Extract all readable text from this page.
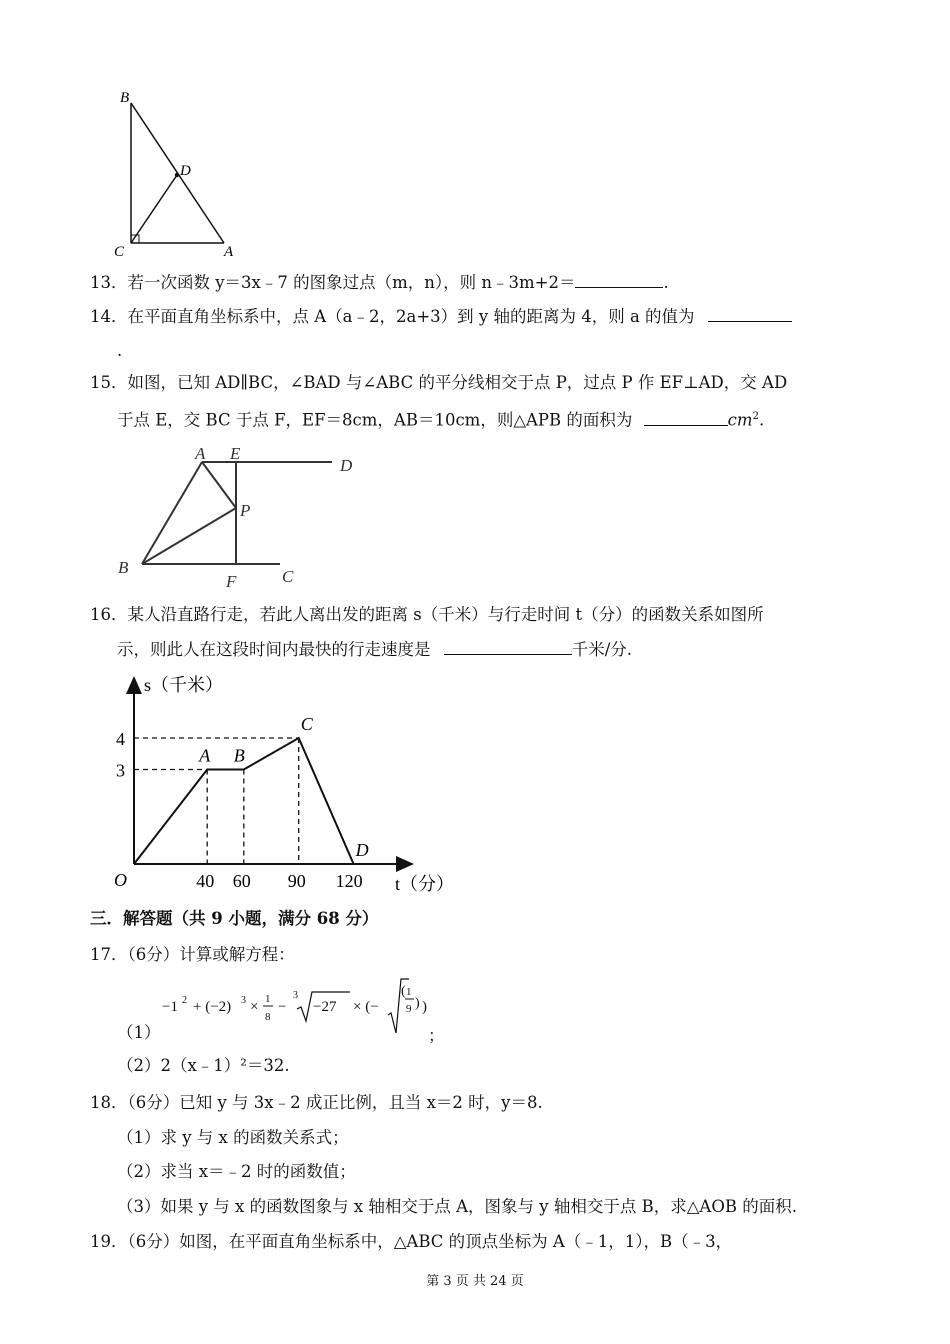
B
D
C	A
13．若一次函数 y＝3x﹣7 的图象过点（m，n），则 n﹣3m+2＝	.
14．在平面直角坐标系中，点 A（a﹣2，2a+3）到 y 轴的距离为 4，则 a 的值为
.
15．如图，已知 AD∥BC，∠BAD 与∠ABC 的平分线相交于点 P，过点 P 作 EF⊥AD，交 AD
于点 E，交 BC 于点 F，EF＝8cm，AB＝10cm，则△APB 的面积为	$cm^2$.
A E
D
P
B
F	C
16．某人沿直路行走，若此人离出发的距离 s（千米）与行走时间 t（分）的函数关系如图所
示，则此人在这段时间内最快的行走速度是	千米/分.
s（千米）
t（分）
O
3
4
40 60 90 120
A B
C
D
三．解答题（共 9 小题，满分 68 分）
17．（6分）计算或解方程：
（1）
−1 2 + (−2) 3 × 1
8
−
3
−27 × (−
( 1
9 ) )
；
（2）2（x﹣1）²＝32.
18．（6分）已知 y 与 3x﹣2 成正比例，且当 x＝2 时，y＝8.
（1）求 y 与 x 的函数关系式；
（2）求当 x＝﹣2 时的函数值；
（3）如果 y 与 x 的函数图象与 x 轴相交于点 A，图象与 y 轴相交于点 B，求△AOB 的面积.
19．（6分）如图，在平面直角坐标系中，△ABC 的顶点坐标为 A（﹣1，1），B（﹣3，
第 3 页 共 24 页
